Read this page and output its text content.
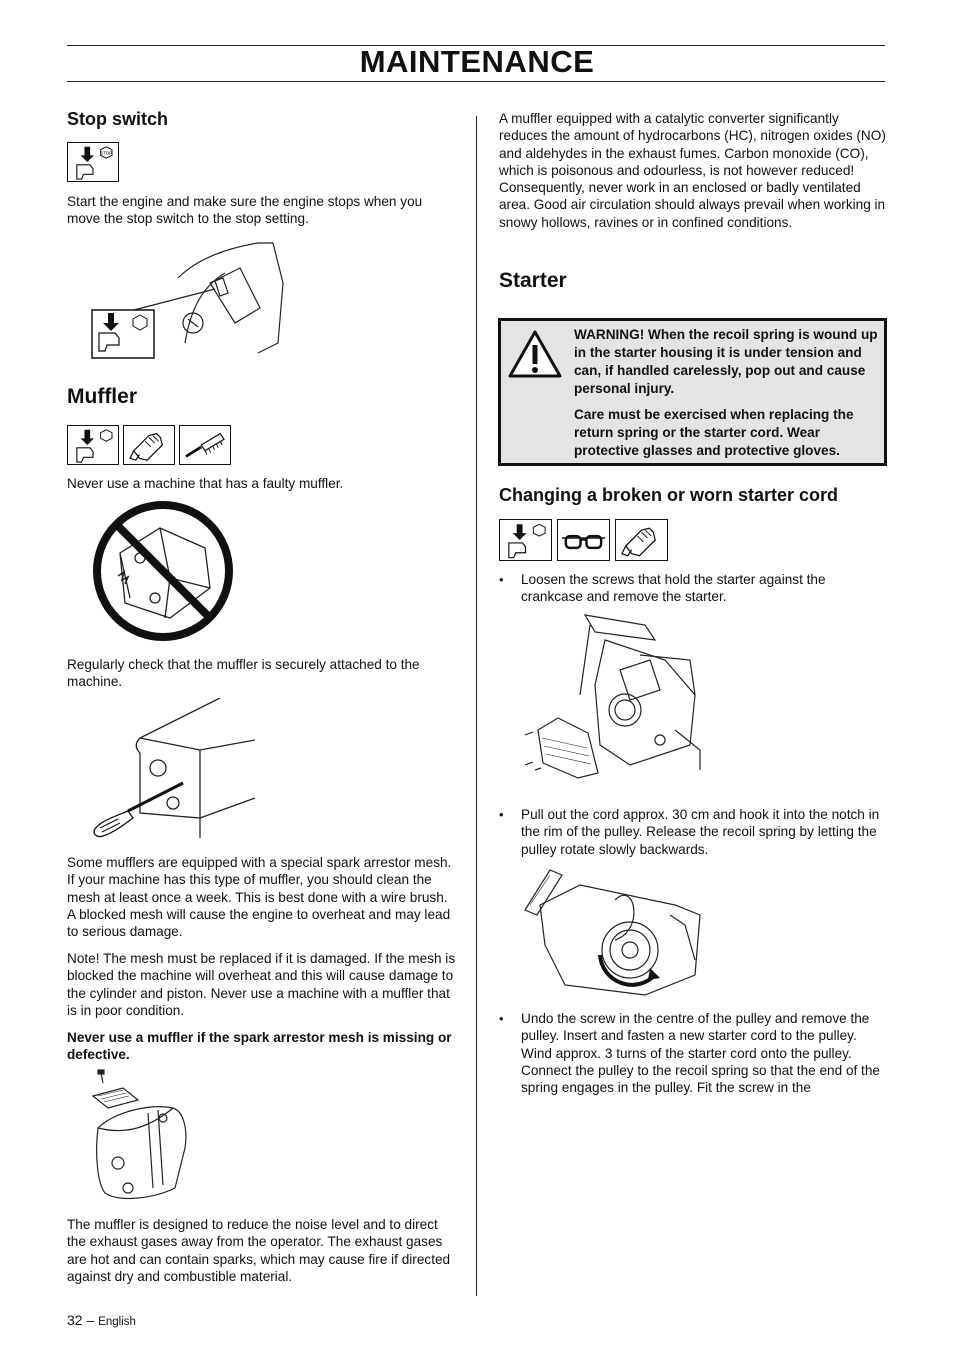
MAINTENANCE
Stop switch
STOP
Start the engine and make sure the engine stops when you move the stop switch to the stop setting.
Muffler
Never use a machine that has a faulty muffler.
Regularly check that the muffler is securely attached to the machine.
Some mufflers are equipped with a special spark arrestor mesh. If your machine has this type of muffler, you should clean the mesh at least once a week. This is best done with a wire brush. A blocked mesh will cause the engine to overheat and may lead to serious damage.
Note! The mesh must be replaced if it is damaged. If the mesh is blocked the machine will overheat and this will cause damage to the cylinder and piston. Never use a machine with a muffler that is in poor condition.
Never use a muffler if the spark arrestor mesh is missing or defective.
The muffler is designed to reduce the noise level and to direct the exhaust gases away from the operator. The exhaust gases are hot and can contain sparks, which may cause fire if directed against dry and combustible material.
A muffler equipped with a catalytic converter significantly reduces the amount of hydrocarbons (HC), nitrogen oxides (NO) and aldehydes in the exhaust fumes. Carbon monoxide (CO), which is poisonous and odourless, is not however reduced! Consequently, never work in an enclosed or badly ventilated area. Good air circulation should always prevail when working in snowy hollows, ravines or in confined conditions.
Starter
WARNING! When the recoil spring is wound up in the starter housing it is under tension and can, if handled carelessly, pop out and cause personal injury.
Care must be exercised when replacing the return spring or the starter cord. Wear protective glasses and protective gloves.
Changing a broken or worn starter cord
• Loosen the screws that hold the starter against the crankcase and remove the starter.
• Pull out the cord approx. 30 cm and hook it into the notch in the rim of the pulley. Release the recoil spring by letting the pulley rotate slowly backwards.
• Undo the screw in the centre of the pulley and remove the pulley. Insert and fasten a new starter cord to the pulley. Wind approx. 3 turns of the starter cord onto the pulley. Connect the pulley to the recoil spring so that the end of the spring engages in the pulley. Fit the screw in the
32 – English
